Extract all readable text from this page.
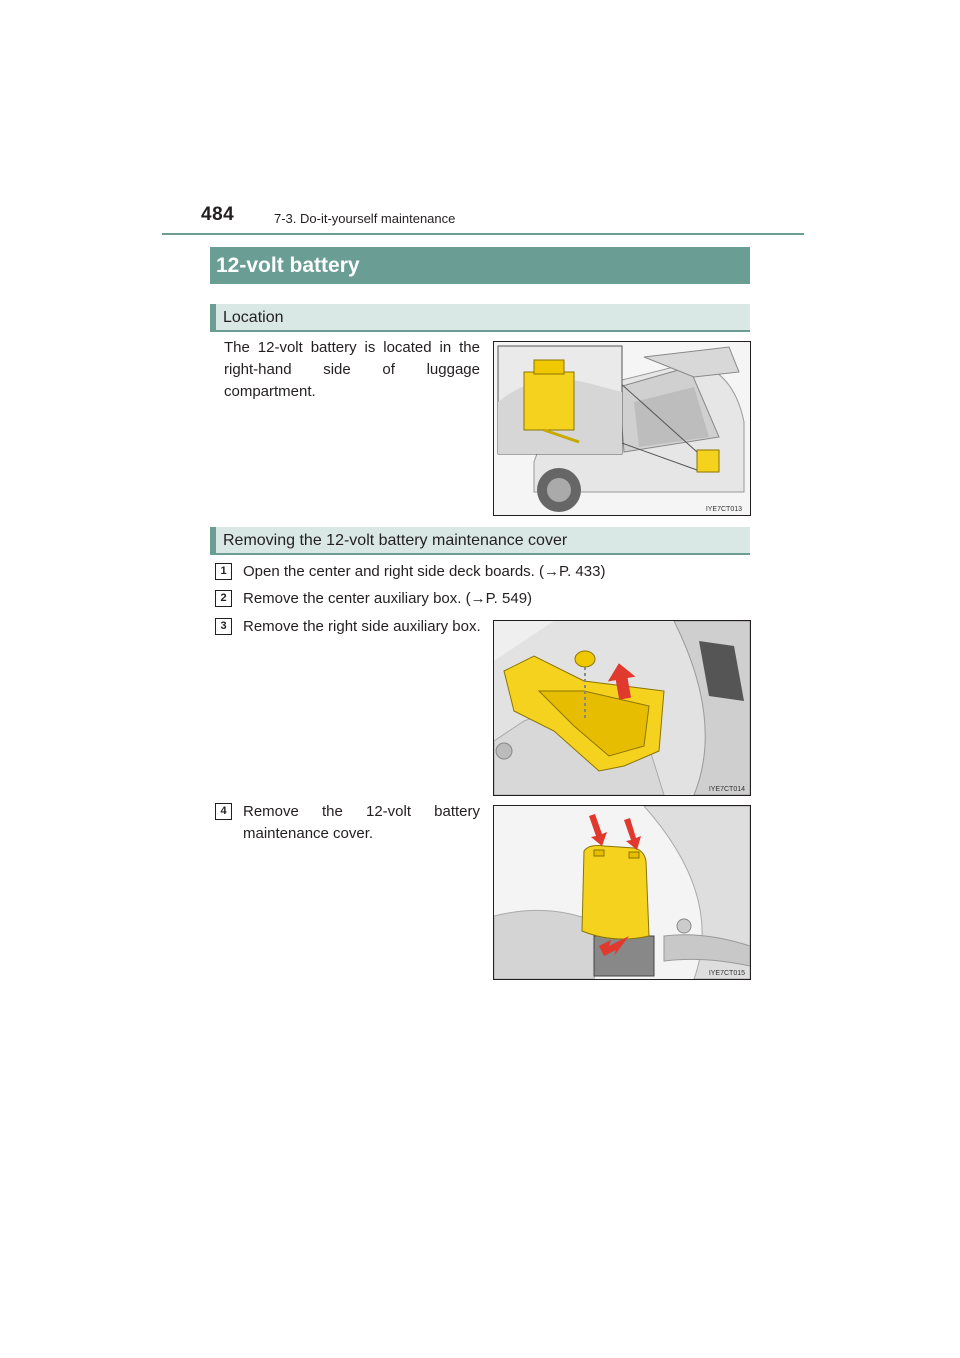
484	7-3. Do-it-yourself maintenance
12-volt battery
Location
The 12-volt battery is located in the right-hand side of luggage compartment.
IYE7CT013
Removing the 12-volt battery maintenance cover
1	Open the center and right side deck boards. (→P. 433)
2	Remove the center auxiliary box. (→P. 549)
3	Remove the right side auxiliary box.
IYE7CT014
4	Remove the 12-volt battery maintenance cover.
IYE7CT015
